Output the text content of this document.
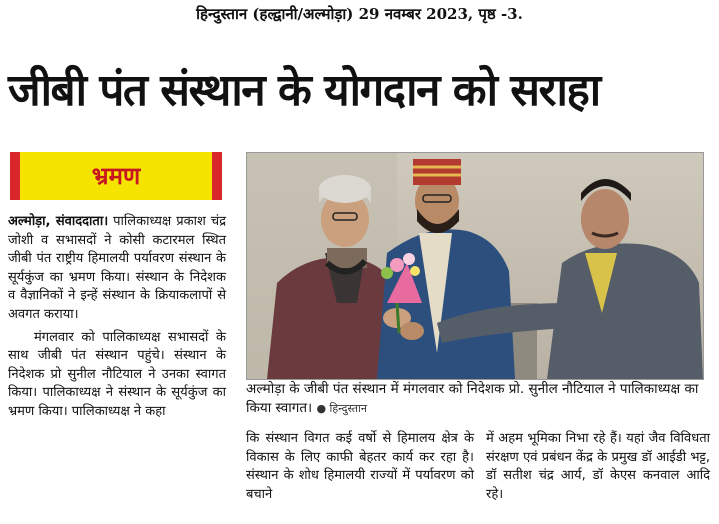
हिन्दुस्तान (हल्द्वानी/अल्मोड़ा) 29 नवम्बर 2023, पृष्ठ -3.
जीबी पंत संस्थान के योगदान को सराहा
भ्रमण

अल्मोड़ा, संवाददाता। पालिकाध्यक्ष प्रकाश चंद्र जोशी व सभासदों ने कोसी कटारमल स्थित जीबी पंत राष्ट्रीय हिमालयी पर्यावरण संस्थान के सूर्यकुंज का भ्रमण किया। संस्थान के निदेशक व वैज्ञानिकों ने इन्हें संस्थान के क्रियाकलापों से अवगत कराया।

मंगलवार को पालिकाध्यक्ष सभासदों के साथ जीबी पंत संस्थान पहुंचे। संस्थान के निदेशक प्रो सुनील नौटियाल ने उनका स्वागत किया। पालिकाध्यक्ष ने संस्थान के सूर्यकुंज का भ्रमण किया। पालिकाध्यक्ष ने कहा

अल्मोड़ा के जीबी पंत संस्थान में मंगलवार को निदेशक प्रो. सुनील नौटियाल ने पालिकाध्यक्ष का किया स्वागत। ● हिन्दुस्तान
कि संस्थान विगत कई वर्षो से हिमालय क्षेत्र के विकास के लिए काफी बेहतर कार्य कर रहा है। संस्थान के शोध हिमालयी राज्यों में पर्यावरण को बचाने
में अहम भूमिका निभा रहे हैं। यहां जैव विविधता संरक्षण एवं प्रबंधन केंद्र के प्रमुख डॉ आईडी भट्ट, डॉ सतीश चंद्र आर्य, डॉ केएस कनवाल आदि रहे।
